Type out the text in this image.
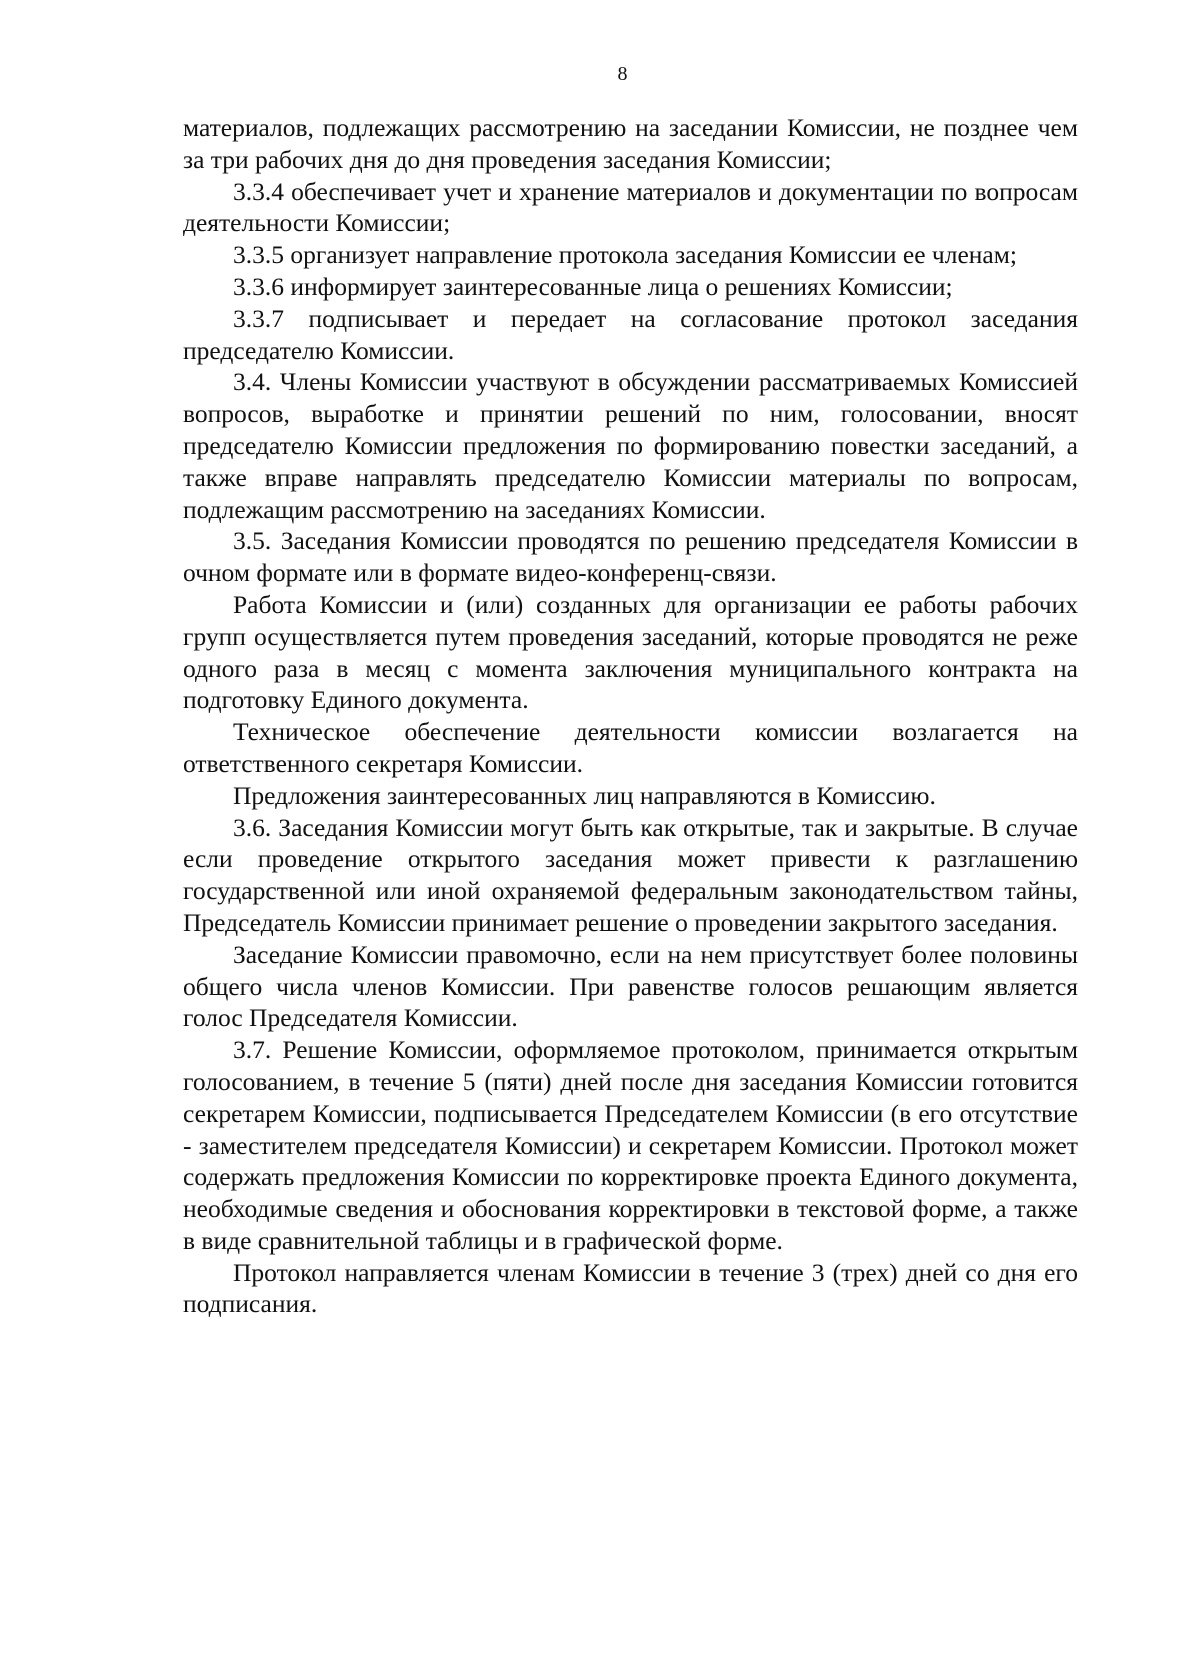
8

материалов, подлежащих рассмотрению на заседании Комиссии, не позднее чем за три рабочих дня до дня проведения заседания Комиссии;

3.3.4 обеспечивает учет и хранение материалов и документации по вопросам деятельности Комиссии;

3.3.5 организует направление протокола заседания Комиссии ее членам;

3.3.6 информирует заинтересованные лица о решениях Комиссии;

3.3.7 подписывает и передает на согласование протокол заседания председателю Комиссии.

3.4. Члены Комиссии участвуют в обсуждении рассматриваемых Комиссией вопросов, выработке и принятии решений по ним, голосовании, вносят председателю Комиссии предложения по формированию повестки заседаний, а также вправе направлять председателю Комиссии материалы по вопросам, подлежащим рассмотрению на заседаниях Комиссии.

3.5. Заседания Комиссии проводятся по решению председателя Комиссии в очном формате или в формате видео-конференц-связи.

Работа Комиссии и (или) созданных для организации ее работы рабочих групп осуществляется путем проведения заседаний, которые проводятся не реже одного раза в месяц с момента заключения муниципального контракта на подготовку Единого документа.

Техническое обеспечение деятельности комиссии возлагается на ответственного секретаря Комиссии.

Предложения заинтересованных лиц направляются в Комиссию.

3.6. Заседания Комиссии могут быть как открытые, так и закрытые. В случае если проведение открытого заседания может привести к разглашению государственной или иной охраняемой федеральным законодательством тайны, Председатель Комиссии принимает решение о проведении закрытого заседания.

Заседание Комиссии правомочно, если на нем присутствует более половины общего числа членов Комиссии. При равенстве голосов решающим является голос Председателя Комиссии.

3.7. Решение Комиссии, оформляемое протоколом, принимается открытым голосованием, в течение 5 (пяти) дней после дня заседания Комиссии готовится секретарем Комиссии, подписывается Председателем Комиссии (в его отсутствие - заместителем председателя Комиссии) и секретарем Комиссии. Протокол может содержать предложения Комиссии по корректировке проекта Единого документа, необходимые сведения и обоснования корректировки в текстовой форме, а также в виде сравнительной таблицы и в графической форме.

Протокол направляется членам Комиссии в течение 3 (трех) дней со дня его подписания.
